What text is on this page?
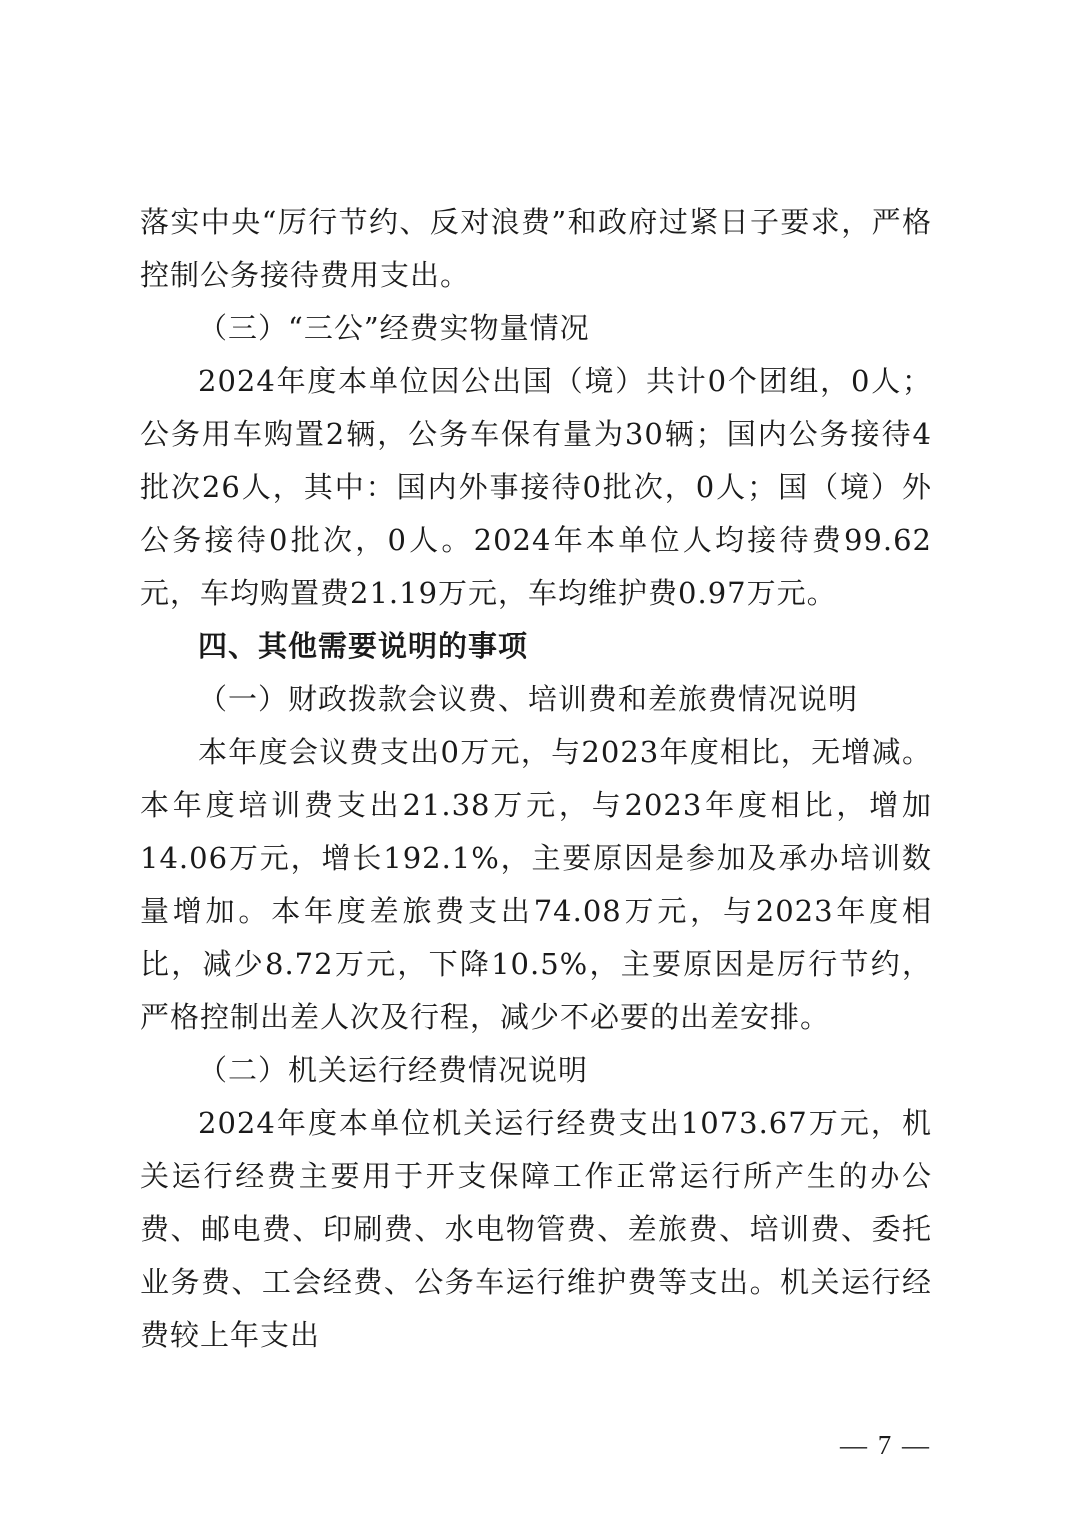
落实中央“厉行节约、反对浪费”和政府过紧日子要求，严格控制公务接待费用支出。

（三）“三公”经费实物量情况

2024年度本单位因公出国（境）共计0个团组，0人；公务用车购置2辆，公务车保有量为30辆；国内公务接待4批次26人，其中：国内外事接待0批次，0人；国（境）外公务接待0批次，0人。2024年本单位人均接待费99.62元，车均购置费21.19万元，车均维护费0.97万元。

四、其他需要说明的事项

（一）财政拨款会议费、培训费和差旅费情况说明

本年度会议费支出0万元，与2023年度相比，无增减。本年度培训费支出21.38万元，与2023年度相比，增加14.06万元，增长192.1%，主要原因是参加及承办培训数量增加。本年度差旅费支出74.08万元，与2023年度相比，减少8.72万元，下降10.5%，主要原因是厉行节约，严格控制出差人次及行程，减少不必要的出差安排。

（二）机关运行经费情况说明

2024年度本单位机关运行经费支出1073.67万元，机关运行经费主要用于开支保障工作正常运行所产生的办公费、邮电费、印刷费、水电物管费、差旅费、培训费、委托业务费、工会经费、公务车运行维护费等支出。机关运行经费较上年支出

— 7 —
